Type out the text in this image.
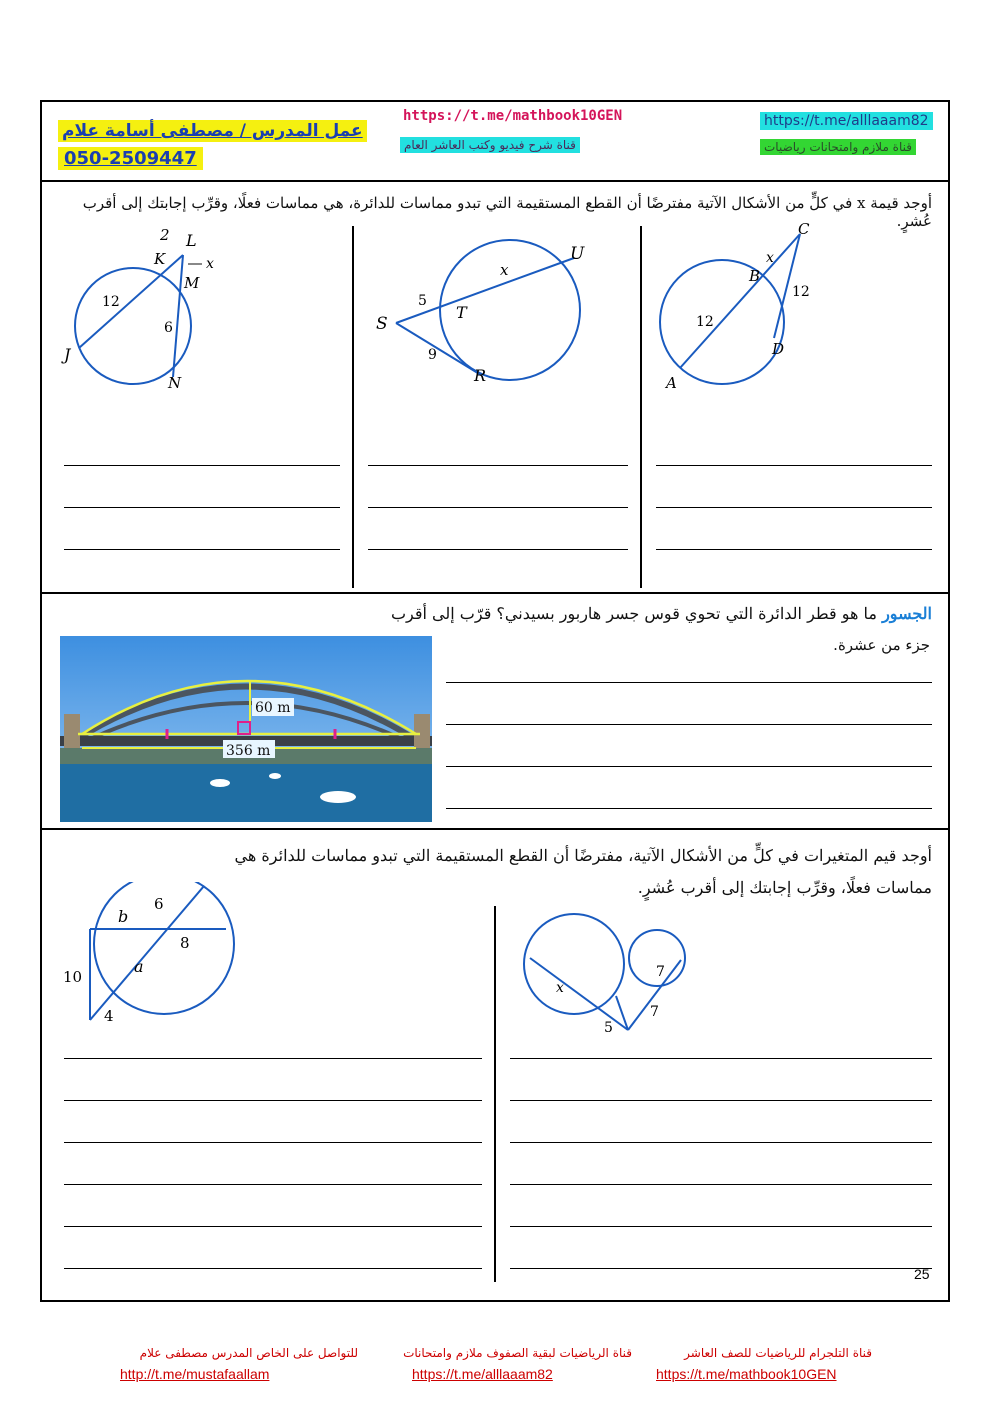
عمل المدرس / مصطفى أسامة علام
050-2509447
https://t.me/mathbook10GEN
قناة شرح فيديو وكتب العاشر العام
https://t.me/alllaaam82
قناة ملازم وامتحانات رياضيات
أوجد قيمة x في كلٍّ من الأشكال الآتية مفترضًا أن القطع المستقيمة التي تبدو مماسات للدائرة، هي مماسات فعلًا، وقرِّب إجابتك إلى أقرب عُشرٍ.
2 L
K	x
M
12
6
J
N
U
x
5
T
S
9
R
C
x
B
12
12
D
A
الجسور ما هو قطر الدائرة التي تحوي قوس جسر هاربور بسيدني؟ قرّب إلى أقرب
جزء من عشرة.
60 m
356 m
أوجد قيم المتغيرات في كلٍّ من الأشكال الآتية، مفترضًا أن القطع المستقيمة التي تبدو مماسات للدائرة هي
مماسات فعلًا، وقرِّب إجابتك إلى أقرب عُشرٍ.
b
6
8
10
a
4
x
7
7
5
25
للتواصل على الخاص المدرس مصطفى علام
http://t.me/mustafaallam
قناة الرياضيات لبقية الصفوف ملازم وامتحانات
https://t.me/alllaaam82
قناة التلجرام للرياضيات للصف العاشر
https://t.me/mathbook10GEN
